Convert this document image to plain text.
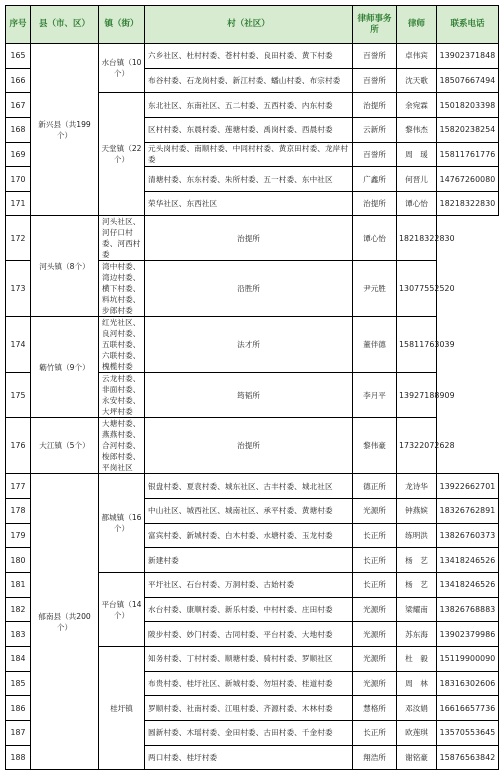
序号	县（市、区）	镇（街）	村（社区）	律师事务所	律师	联系电话
165	新兴县（共199个）	水台镇（10个）	六乡社区、杜村村委、苍村村委、良田村委、黄下村委	百誉所	卓伟宾	13902371848
166			布谷村委、石龙岗村委、新江村委、蟠山村委、布宗村委	百誉所	沈天歌	18507667494
167		天堂镇（22个）	东北社区、东南社区、五二村委、五西村委、内东村委	治提所	余宛霖	15018203398
168			区村村委、东晨村委、莲塘村委、禹岗村委、西晨村委	云新所	黎伟杰	15820238254
169			元头岗村委、南顺村委、中同村村委、黄京田村委、龙岸村委	百誉所	周　瑗	15811761776
170			清塘村委、东东村委、朱所村委、五一村委、东中社区	广鑫所	何晋儿	14767260080
171			荣华社区、东西社区	治提所	谭心怡	18218322830
172	河头镇（8个）	河头社区、河仔口村委、河西村委	治提所	谭心怡	18218322830	
173		湾中村委、湾边村委、横下村委、料坑村委、步郎村委	沿胜所	尹元胜	13077552520	
174	簕竹镇（9个）	红光社区、良河村委、五联村委、六联村委、槐榄村委	法才所	董伴德	15811763039	
175		云龙村委、非面村委、永安村委、大坪村委	筠韬所	李月平	13927188909	
176	大江镇（5个）	大塘村委、燕燕村委、合河村委、梭郎村委、平岗社区	治提所	黎伟豪	17322072628	
177	郁南县（共200个）	都城镇（16个）	银盘村委、夏袁村委、城东社区、古丰村委、城北社区	德正所	龙诗华	13922662701
178			中山社区、城西社区、城南社区、承平村委、黄塘村委	光源所	钟燕嫔	18326762891
179			富宾村委、新城村委、白木村委、水塘村委、玉龙村委	长正所	练明洪	13826760373
180			新建村委	长正所	杨　艺	13418246526
181		平台镇（14个）	平圩社区、石台村委、万洞村委、古始村委	长正所	杨　艺	13418246526
182			水台村委、康顺村委、新乐村委、中村村委、庄田村委	光源所	梁耀南	13826768883
183			陂步村委、妙门村委、古同村委、平台村委、大地村委	光源所	苏东海	13902379986
184		桂圩镇	知务村委、丁村村委、顺塘村委、骑村村委、罗顺社区	光源所	杜　毅	15119900090
185			布贵村委、桂圩社区、新城村委、勿垣村委、桂道村委	光源所	周　林	18316302606
186			罗顺村委、社南村委、江咀村委、齐源村委、木林村委	慧格所	邓汝娟	16616657736
187			圆新村委、木瑶村委、金田村委、古田村委、千金村委	长正所	欧莲琪	13570553645
188			两口村委、桂圩村委	翔浩所	谢铭豪	15876563842
